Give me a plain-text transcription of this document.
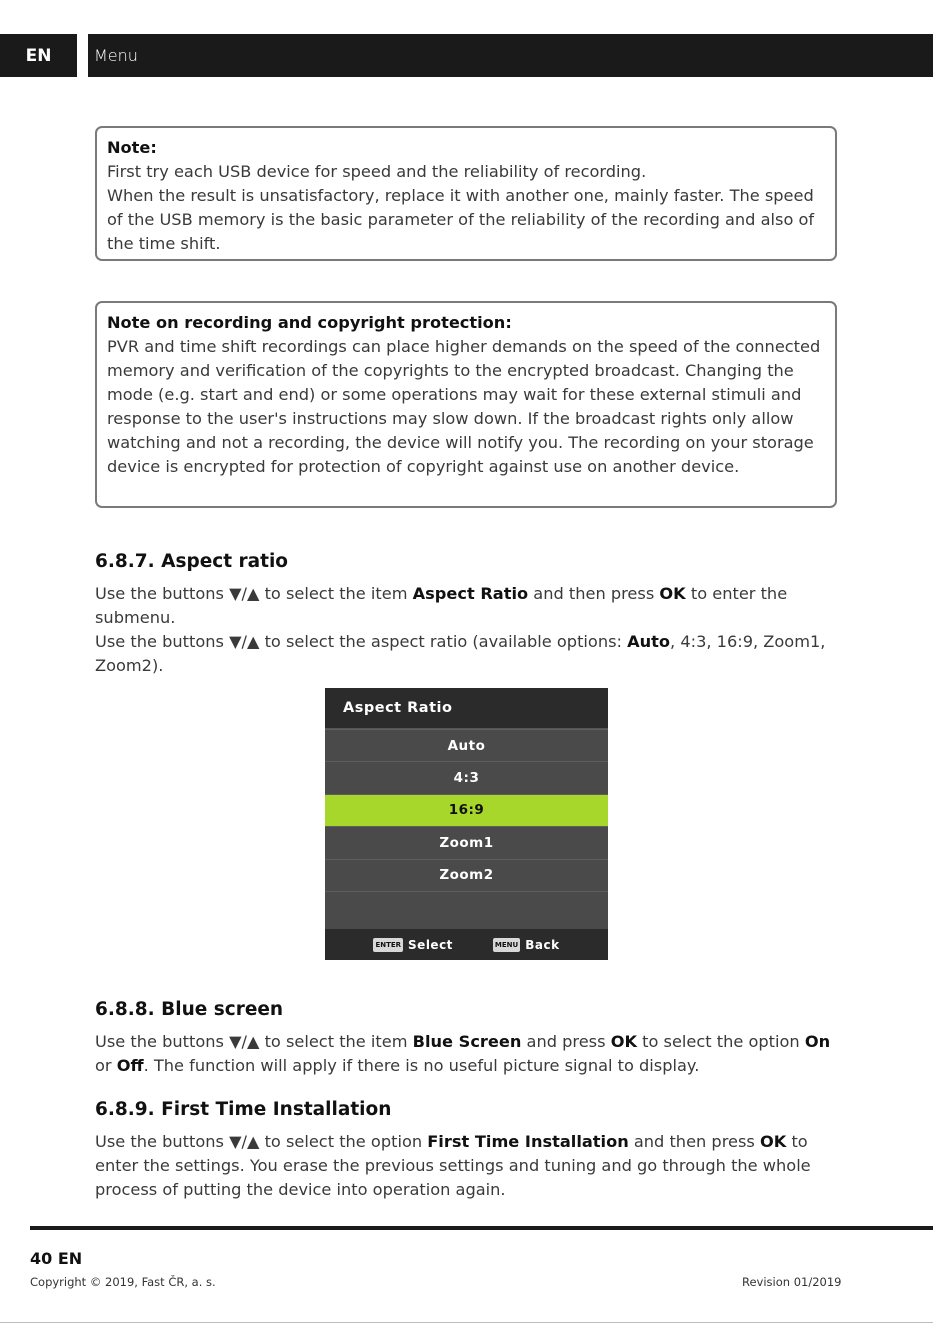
EN	Menu
Note:
First try each USB device for speed and the reliability of recording.
When the result is unsatisfactory, replace it with another one, mainly faster. The speed of the USB memory is the basic parameter of the reliability of the recording and also of the time shift.
Note on recording and copyright protection:
PVR and time shift recordings can place higher demands on the speed of the connected memory and verification of the copyrights to the encrypted broadcast. Changing the mode (e.g. start and end) or some operations may wait for these external stimuli and response to the user's instructions may slow down. If the broadcast rights only allow watching and not a recording, the device will notify you. The recording on your storage device is encrypted for protection of copyright against use on another device.
6.8.7. Aspect ratio
Use the buttons ▼/▲ to select the item Aspect Ratio and then press OK to enter the submenu.
Use the buttons ▼/▲ to select the aspect ratio (available options: Auto, 4:3, 16:9, Zoom1, Zoom2).
Aspect Ratio
Auto
4:3
16:9
Zoom1
Zoom2
ENTER Select	MENU Back
6.8.8. Blue screen
Use the buttons ▼/▲ to select the item Blue Screen and press OK to select the option On or Off. The function will apply if there is no useful picture signal to display.
6.8.9. First Time Installation
Use the buttons ▼/▲ to select the option First Time Installation and then press OK to enter the settings. You erase the previous settings and tuning and go through the whole process of putting the device into operation again.
40 EN
Copyright © 2019, Fast ČR, a. s.	Revision 01/2019
